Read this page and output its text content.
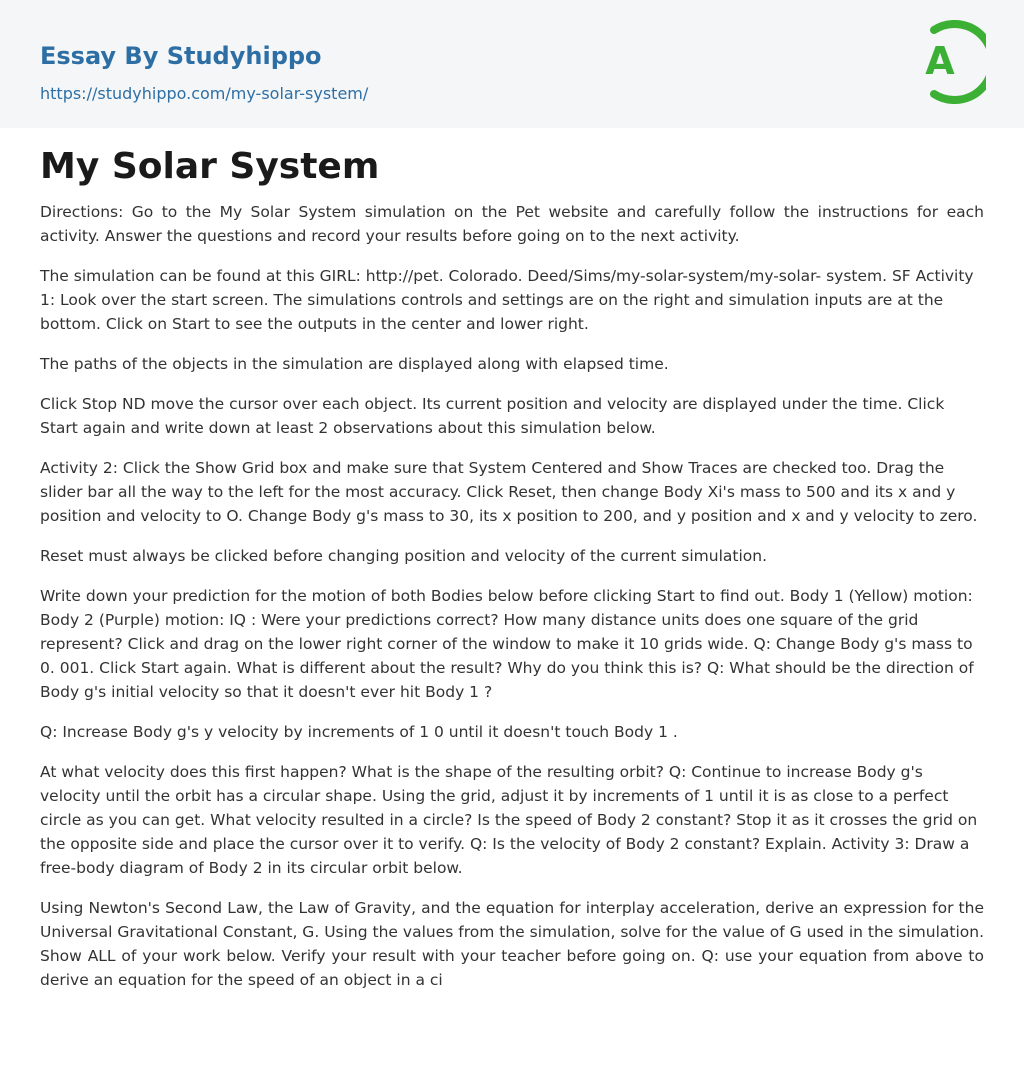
Essay By Studyhippo
https://studyhippo.com/my-solar-system/
A
My Solar System

Directions: Go to the My Solar System simulation on the Pet website and carefully follow the instructions for each activity. Answer the questions and record your results before going on to the next activity.

The simulation can be found at this GIRL: http://pet. Colorado. Deed/Sims/my-solar-system/my-solar- system. SF Activity 1: Look over the start screen. The simulations controls and settings are on the right and simulation inputs are at the bottom. Click on Start to see the outputs in the center and lower right.

The paths of the objects in the simulation are displayed along with elapsed time.

Click Stop ND move the cursor over each object. Its current position and velocity are displayed under the time. Click Start again and write down at least 2 observations about this simulation below.

Activity 2: Click the Show Grid box and make sure that System Centered and Show Traces are checked too. Drag the slider bar all the way to the left for the most accuracy. Click Reset, then change Body Xi's mass to 500 and its x and y position and velocity to O. Change Body g's mass to 30, its x position to 200, and y position and x and y velocity to zero.

Reset must always be clicked before changing position and velocity of the current simulation.

Write down your prediction for the motion of both Bodies below before clicking Start to find out. Body 1 (Yellow) motion: Body 2 (Purple) motion: IQ : Were your predictions correct? How many distance units does one square of the grid represent? Click and drag on the lower right corner of the window to make it 10 grids wide. Q: Change Body g's mass to 0. 001. Click Start again. What is different about the result? Why do you think this is? Q: What should be the direction of Body g's initial velocity so that it doesn't ever hit Body 1 ?

Q: Increase Body g's y velocity by increments of 1 0 until it doesn't touch Body 1 .

At what velocity does this first happen? What is the shape of the resulting orbit? Q: Continue to increase Body g's velocity until the orbit has a circular shape. Using the grid, adjust it by increments of 1 until it is as close to a perfect circle as you can get. What velocity resulted in a circle? Is the speed of Body 2 constant? Stop it as it crosses the grid on the opposite side and place the cursor over it to verify. Q: Is the velocity of Body 2 constant? Explain. Activity 3: Draw a free-body diagram of Body 2 in its circular orbit below.

Using Newton's Second Law, the Law of Gravity, and the equation for interplay acceleration, derive an expression for the Universal Gravitational Constant, G. Using the values from the simulation, solve for the value of G used in the simulation. Show ALL of your work below. Verify your result with your teacher before going on. Q: use your equation from above to derive an equation for the speed of an object in a ci
